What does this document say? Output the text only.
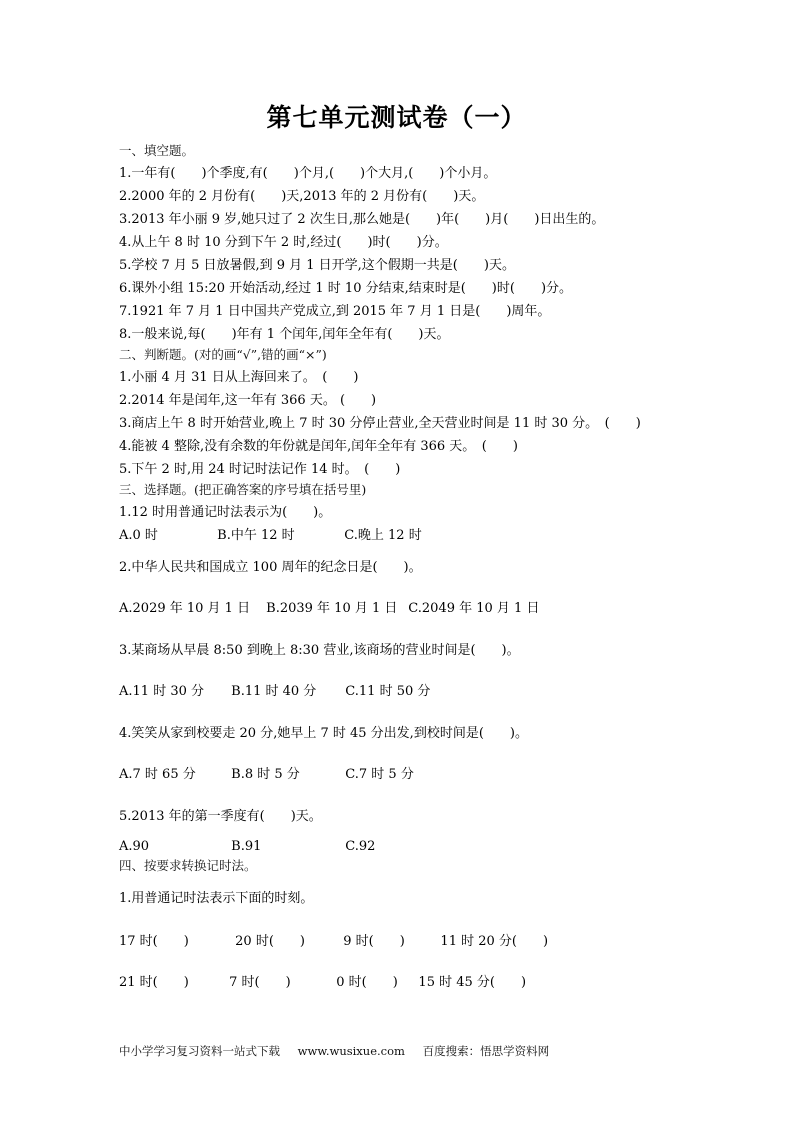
第七单元测试卷（一）
一、填空题。
1.一年有(　　)个季度,有(　　)个月,(　　)个大月,(　　)个小月。
2.2000 年的 2 月份有(　　)天,2013 年的 2 月份有(　　)天。
3.2013 年小丽 9 岁,她只过了 2 次生日,那么她是(　　)年(　　)月(　　)日出生的。
4.从上午 8 时 10 分到下午 2 时,经过(　　)时(　　)分。
5.学校 7 月 5 日放暑假,到 9 月 1 日开学,这个假期一共是(　　)天。
6.课外小组 15:20 开始活动,经过 1 时 10 分结束,结束时是(　　)时(　　)分。
7.1921 年 7 月 1 日中国共产党成立,到 2015 年 7 月 1 日是(　　)周年。
8.一般来说,每(　　)年有 1 个闰年,闰年全年有(　　)天。
二、判断题。(对的画“√”,错的画“×”)
1.小丽 4 月 31 日从上海回来了。　(　　)
2.2014 年是闰年,这一年有 366 天。 (　　)
3.商店上午 8 时开始营业,晚上 7 时 30 分停止营业,全天营业时间是 11 时 30 分。　(　　)
4.能被 4 整除,没有余数的年份就是闰年,闰年全年有 366 天。　(　　)
5.下午 2 时,用 24 时记时法记作 14 时。　(　　)
三、选择题。(把正确答案的序号填在括号里)
1.12 时用普通记时法表示为(　　)。
A.0 时	B.中午 12 时	C.晚上 12 时
2.中华人民共和国成立 100 周年的纪念日是(　　)。
A.2029 年 10 月 1 日 B.2039 年 10 月 1 日 C.2049 年 10 月 1 日
3.某商场从早晨 8:50 到晚上 8:30 营业,该商场的营业时间是(　　)。
A.11 时 30 分 B.11 时 40 分 C.11 时 50 分
4.笑笑从家到校要走 20 分,她早上 7 时 45 分出发,到校时间是(　　)。
A.7 时 65 分	B.8 时 5 分	C.7 时 5 分
5.2013 年的第一季度有(　　)天。
A.90	B.91	C.92
四、按要求转换记时法。
1.用普通记时法表示下面的时刻。
17 时(　　)	20 时(　　)	9 时(　　)	11 时 20 分(　　)
21 时(　　)	7 时(　　)	0 时(　　) 15 时 45 分(　　)
中小学学习复习资料一站式下载 www.wusixue.com 百度搜索：悟思学资料网
